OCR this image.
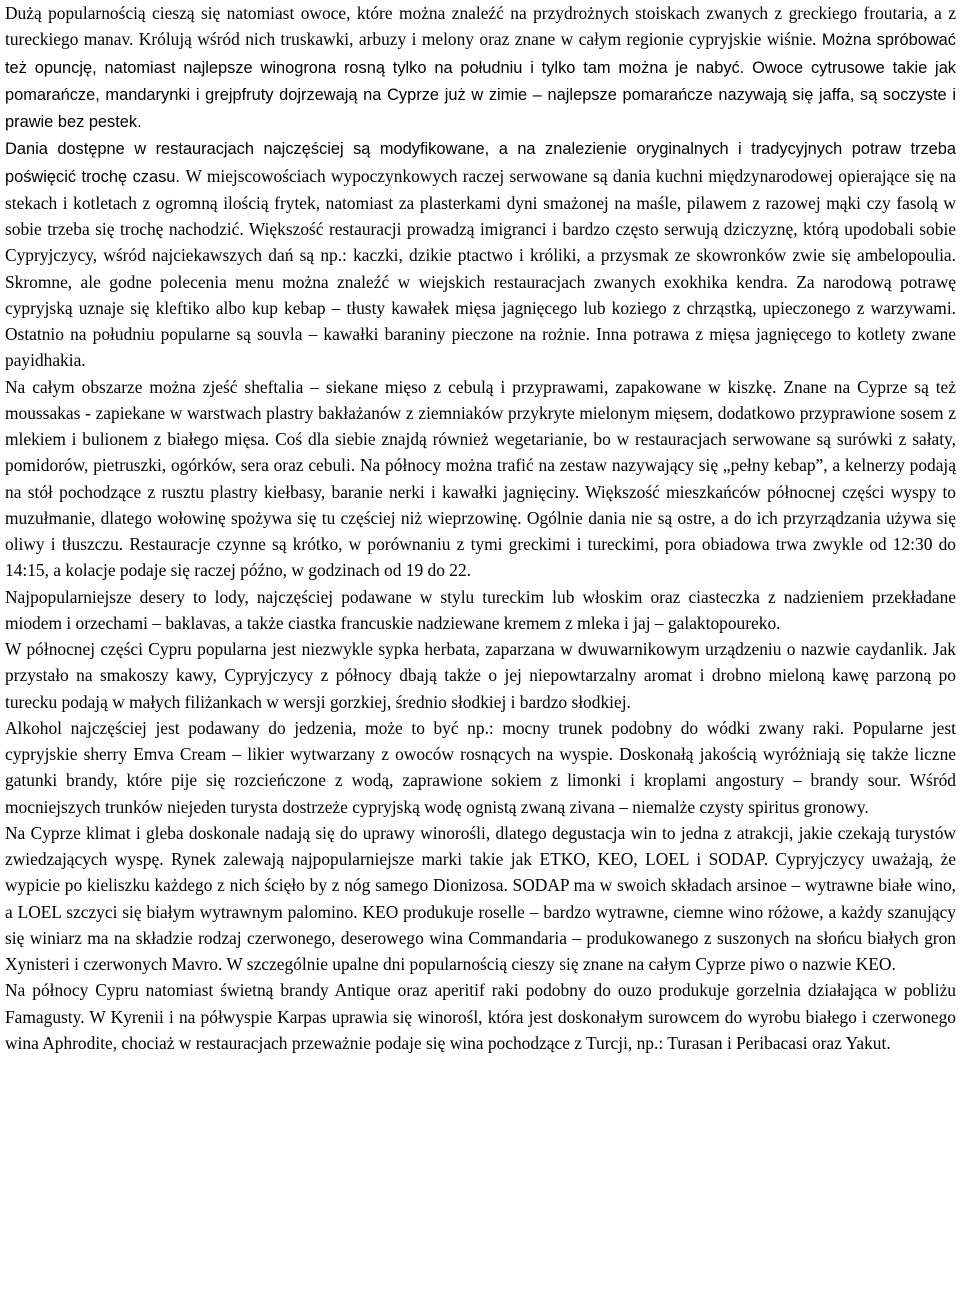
Dużą popularnością cieszą się natomiast owoce, które można znaleźć na przydrożnych stoiskach zwanych z greckiego froutaria, a z tureckiego manav. Królują wśród nich truskawki, arbuzy i melony oraz znane w całym regionie cypryjskie wiśnie. Można spróbować też opuncję, natomiast najlepsze winogrona rosną tylko na południu i tylko tam można je nabyć. Owoce cytrusowe takie jak pomarańcze, mandarynki i grejpfruty dojrzewają na Cyprze już w zimie – najlepsze pomarańcze nazywają się jaffa, są soczyste i prawie bez pestek.

Dania dostępne w restauracjach najczęściej są modyfikowane, a na znalezienie oryginalnych i tradycyjnych potraw trzeba poświęcić trochę czasu. W miejscowościach wypoczynkowych raczej serwowane są dania kuchni międzynarodowej opierające się na stekach i kotletach z ogromną ilością frytek, natomiast za plasterkami dyni smażonej na maśle, pilawem z razowej mąki czy fasolą w sobie trzeba się trochę nachodzić. Większość restauracji prowadzą imigranci i bardzo często serwują dziczyznę, którą upodobali sobie Cypryjczycy, wśród najciekawszych dań są np.: kaczki, dzikie ptactwo i króliki, a przysmak ze skowronków zwie się ambelopoulia. Skromne, ale godne polecenia menu można znaleźć w wiejskich restauracjach zwanych exokhika kendra. Za narodową potrawę cypryjską uznaje się kleftiko albo kup kebap – tłusty kawałek mięsa jagnięcego lub koziego z chrząstką, upieczonego z warzywami. Ostatnio na południu popularne są souvla – kawałki baraniny pieczone na rożnie. Inna potrawa z mięsa jagnięcego to kotlety zwane payidhakia.

Na całym obszarze można zjeść sheftalia – siekane mięso z cebulą i przyprawami, zapakowane w kiszkę. Znane na Cyprze są też moussakas - zapiekane w warstwach plastry bakłażanów z ziemniaków przykryte mielonym mięsem, dodatkowo przyprawione sosem z mlekiem i bulionem z białego mięsa. Coś dla siebie znajdą również wegetarianie, bo w restauracjach serwowane są surówki z sałaty, pomidorów, pietruszki, ogórków, sera oraz cebuli. Na północy można trafić na zestaw nazywający się „pełny kebap”, a kelnerzy podają na stół pochodzące z rusztu plastry kiełbasy, baranie nerki i kawałki jagnięciny. Większość mieszkańców północnej części wyspy to muzułmanie, dlatego wołowinę spożywa się tu częściej niż wieprzowinę. Ogólnie dania nie są ostre, a do ich przyrządzania używa się oliwy i tłuszczu. Restauracje czynne są krótko, w porównaniu z tymi greckimi i tureckimi, pora obiadowa trwa zwykle od 12:30 do 14:15, a kolacje podaje się raczej późno, w godzinach od 19 do 22.

Najpopularniejsze desery to lody, najczęściej podawane w stylu tureckim lub włoskim oraz ciasteczka z nadzieniem przekładane miodem i orzechami – baklavas, a także ciastka francuskie nadziewane kremem z mleka i jaj – galaktopoureko.

W północnej części Cypru popularna jest niezwykle sypka herbata, zaparzana w dwuwarnikowym urządzeniu o nazwie caydanlik. Jak przystało na smakoszy kawy, Cypryjczycy z północy dbają także o jej niepowtarzalny aromat i drobno mieloną kawę parzoną po turecku podają w małych filiżankach w wersji gorzkiej, średnio słodkiej i bardzo słodkiej.

Alkohol najczęściej jest podawany do jedzenia, może to być np.: mocny trunek podobny do wódki zwany raki. Popularne jest cypryjskie sherry Emva Cream – likier wytwarzany z owoców rosnących na wyspie. Doskonałą jakością wyróżniają się także liczne gatunki brandy, które pije się rozcieńczone z wodą, zaprawione sokiem z limonki i kroplami angostury – brandy sour. Wśród mocniejszych trunków niejeden turysta dostrzeże cypryjską wodę ognistą zwaną zivana – niemalże czysty spiritus gronowy.

Na Cyprze klimat i gleba doskonale nadają się do uprawy winorośli, dlatego degustacja win to jedna z atrakcji, jakie czekają turystów zwiedzających wyspę. Rynek zalewają najpopularniejsze marki takie jak ETKO, KEO, LOEL i SODAP. Cypryjczycy uważają, że wypicie po kieliszku każdego z nich ścięło by z nóg samego Dionizosa. SODAP ma w swoich składach arsinoe – wytrawne białe wino, a LOEL szczyci się białym wytrawnym palomino. KEO produkuje roselle – bardzo wytrawne, ciemne wino różowe, a każdy szanujący się winiarz ma na składzie rodzaj czerwonego, deserowego wina Commandaria – produkowanego z suszonych na słońcu białych gron Xynisteri i czerwonych Mavro. W szczególnie upalne dni popularnością cieszy się znane na całym Cyprze piwo o nazwie KEO.

Na północy Cypru natomiast świetną brandy Antique oraz aperitif raki podobny do ouzo produkuje gorzelnia działająca w pobliżu Famagusty. W Kyrenii i na półwyspie Karpas uprawia się winorośl, która jest doskonałym surowcem do wyrobu białego i czerwonego wina Aphrodite, chociaż w restauracjach przeważnie podaje się wina pochodzące z Turcji, np.: Turasan i Peribacasi oraz Yakut.
